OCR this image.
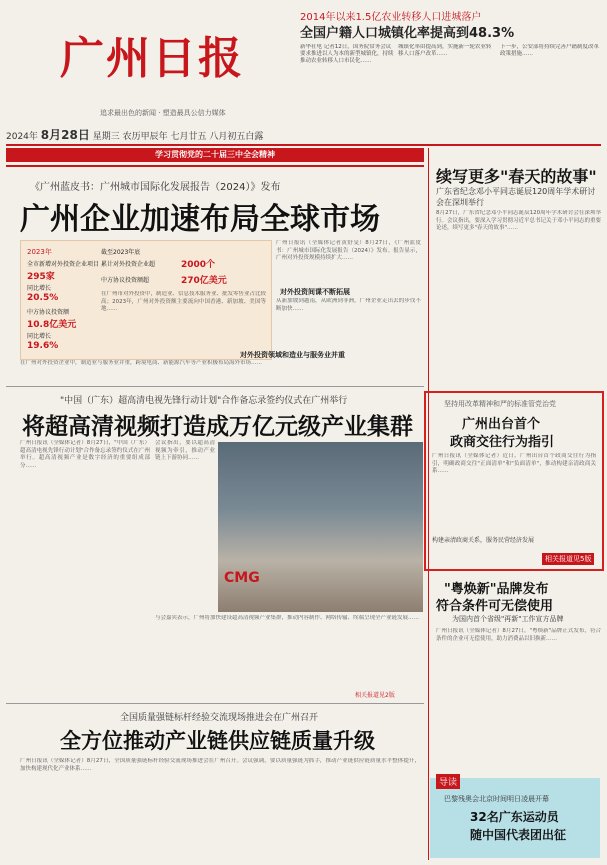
广州日报
追求最出色的新闻 · 塑造最具公信力媒体
2024年 8月28日 星期三 农历甲辰年 七月廿五 八月初五白露
2014年以来1.5亿农业转移人口进城落户
全国户籍人口城镇化率提高到48.3%
新华社电 记者12日，国务院常务会议要求推进以人为本的新型城镇化，持续推动农业转移人口市民化……
城镇化率由提高到，实施新一轮农业转移人口落户改革……
下一步，公安部将持续完善户籍制度改革政策措施……
学习贯彻党的二十届三中全会精神
《广州蓝皮书：广州城市国际化发展报告（2024）》发布
广州企业加速布局全球市场
2023年
全市新增对外投资企业项目
295家
同比增长
20.5%
中方协议投资额
10.8亿美元
同比增长
19.6%
截至2023年底
累计对外投资企业超	2000个
中方协议投资额超	270亿美元
在广州市对外投资中，制造业、信息技术服务业、批发零售业占比较高；2023年，广州对外投资额主要流向中国香港、新加坡、美国等地……
广州日报讯（全媒体记者黄舒旻）8月27日，《广州蓝皮书：广州城市国际化发展报告（2024）》发布。报告显示，广州对外投资规模持续扩大……
对外投资间谍不断拓展
从新加坡到越南，从欧洲到非洲，广州企业走出去的步伐不断加快……
对外投资领域和造业与服务业并重
在广州对外投资企业中，制造业与服务业并重，跨境电商、新能源汽车等产业积极布局海外市场……
"中国（广东）超高清电视先锋行动计划"合作备忘录签约仪式在广州举行
将超高清视频打造成万亿元级产业集群
广州日报讯（全媒体记者）8月27日，"中国（广东）超高清电视先锋行动计划"合作备忘录签约仪式在广州举行。超高清视频产业是数字经济的重要组成部分……
会议指出，要以超高清视频为牵引，推动产业链上下游协同……
CMG
与会嘉宾表示，广州将加快建设超高清视频产业集群，推动内容制作、网络传输、终端呈现全产业链发展……
相关报道见2版
全国质量强链标杆经验交流现场推进会在广州召开
全方位推动产业链供应链质量升级
广州日报讯（全媒体记者）8月27日，全国质量强链标杆经验交流现场推进会在广州召开。会议强调，要以质量强链为抓手，推动产业链供应链质量水平整体提升，加快构建现代化产业体系……
续写更多"春天的故事"
广东省纪念邓小平同志诞辰120周年学术研讨会在深圳举行
8月27日，广东省纪念邓小平同志诞辰120周年学术研讨会在深圳举行。会议指出，要深入学习贯彻习近平总书记关于邓小平同志的重要论述，续写更多"春天的故事"……
坚持用改革精神和严的标准管党治党
广州出台首个
政商交往行为指引
广州日报讯（全媒体记者）近日，广州出台首个政商交往行为指引，明确政商交往"正面清单"和"负面清单"，推动构建亲清政商关系……
构建亲清政商关系，服务民营经济发展
相关报道见5版
"粤焕新"品牌发布
符合条件可无偿使用
为国内首个省级"再新"工作宣方品牌
广州日报讯（全媒体记者）8月27日，"粤焕新"品牌正式发布，符合条件的企业可无偿使用，助力消费品以旧换新……
导读
巴黎残奥会北京时间明日凌晨开幕
32名广东运动员
随中国代表团出征
